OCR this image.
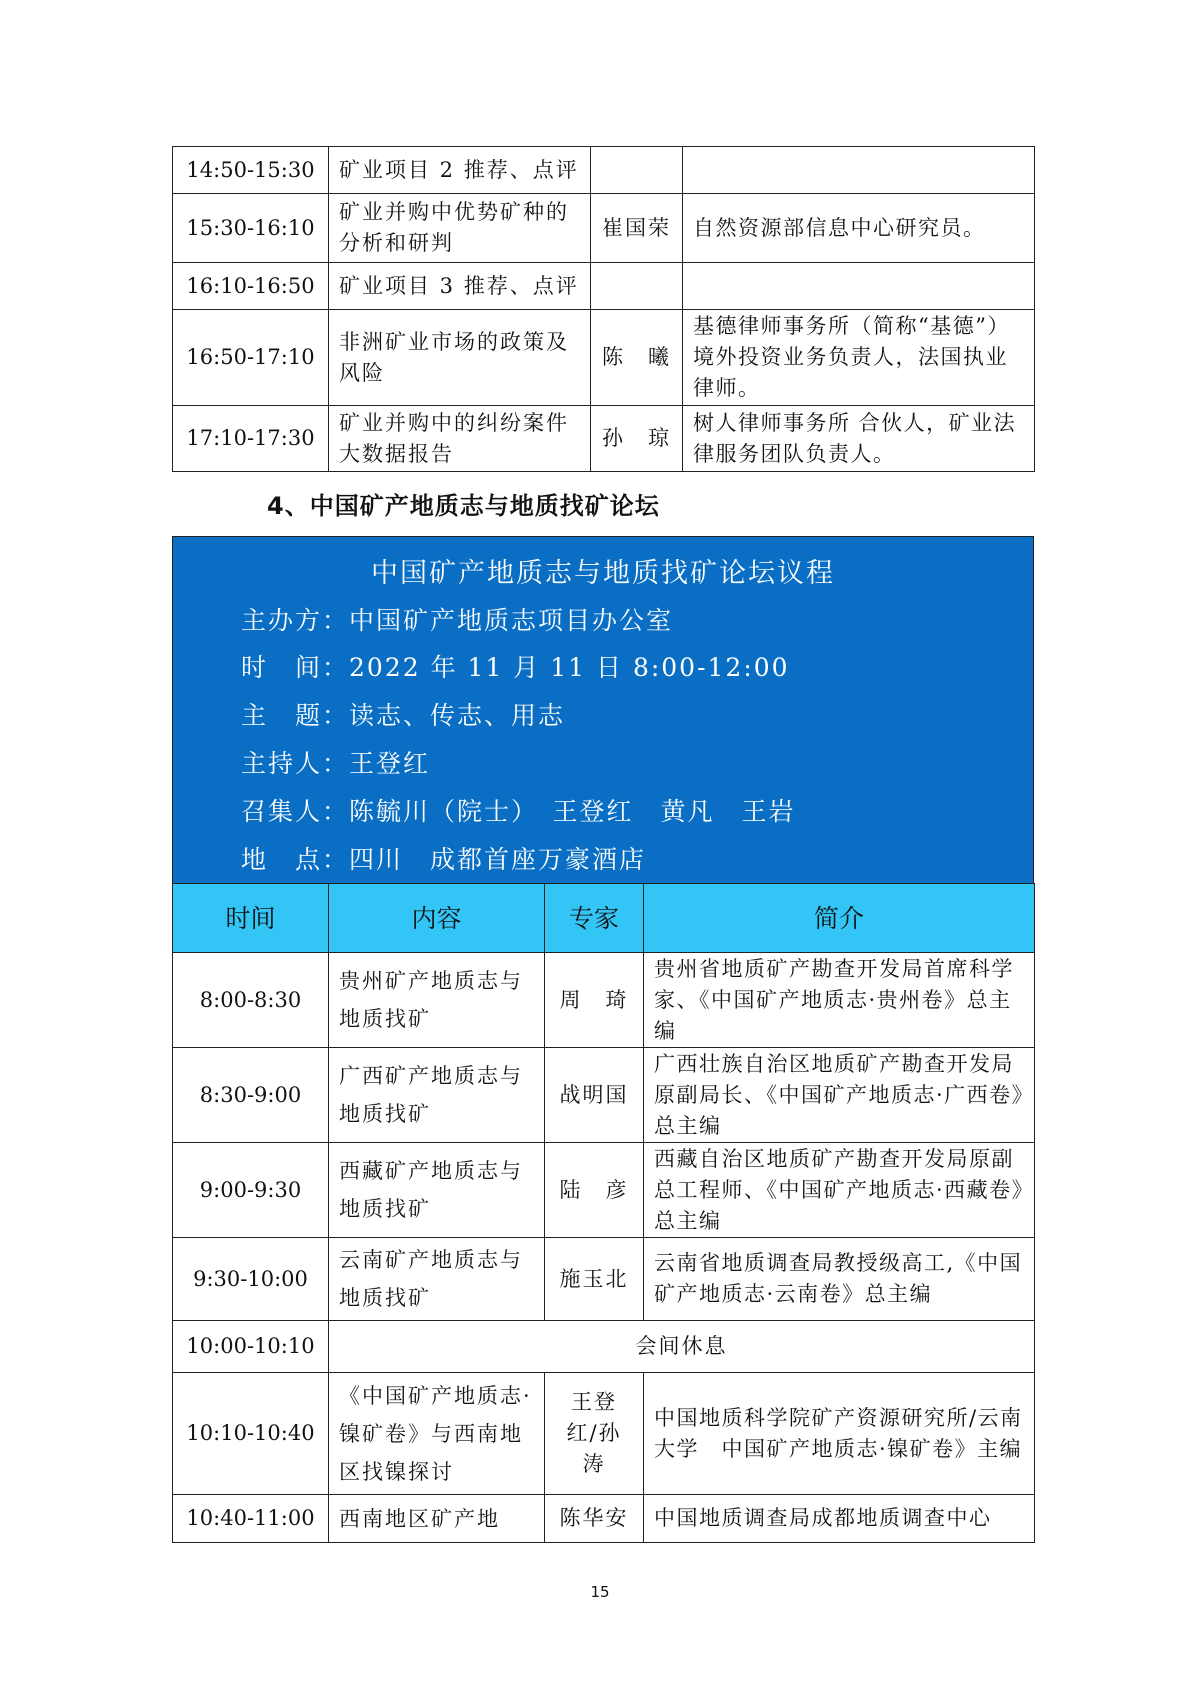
14:50-15:30	矿业项目 2 推荐、点评		
15:30-16:10	矿业并购中优势矿种的分析和研判	崔国荣	自然资源部信息中心研究员。
16:10-16:50	矿业项目 3 推荐、点评		
16:50-17:10	非洲矿业市场的政策及风险	陈　曦	基德律师事务所（简称“基德”）境外投资业务负责人，法国执业律师。
17:10-17:30	矿业并购中的纠纷案件大数据报告	孙　琼	树人律师事务所 合伙人，矿业法律服务团队负责人。
4、中国矿产地质志与地质找矿论坛
中国矿产地质志与地质找矿论坛议程
主办方：中国矿产地质志项目办公室
时　间：2022 年 11 月 11 日 8:00-12:00
主　题：读志、传志、用志
主持人：王登红
召集人：陈毓川（院士）　王登红　黄凡　王岩
地　点：四川　成都首座万豪酒店
时间	内容	专家	简介
8:00-8:30	贵州矿产地质志与地质找矿	周　琦	贵州省地质矿产勘查开发局首席科学家、《中国矿产地质志·贵州卷》总主编
8:30-9:00	广西矿产地质志与地质找矿	战明国	广西壮族自治区地质矿产勘查开发局原副局长、《中国矿产地质志·广西卷》总主编
9:00-9:30	西藏矿产地质志与地质找矿	陆　彦	西藏自治区地质矿产勘查开发局原副总工程师、《中国矿产地质志·西藏卷》总主编
9:30-10:00	云南矿产地质志与地质找矿	施玉北	云南省地质调查局教授级高工,《中国矿产地质志·云南卷》总主编
10:00-10:10	会间休息		
10:10-10:40	《中国矿产地质志·镍矿卷》与西南地区找镍探讨	王登红/孙　涛	中国地质科学院矿产资源研究所/云南大学　中国矿产地质志·镍矿卷》主编
10:40-11:00	西南地区矿产地	陈华安	中国地质调查局成都地质调查中心
15
